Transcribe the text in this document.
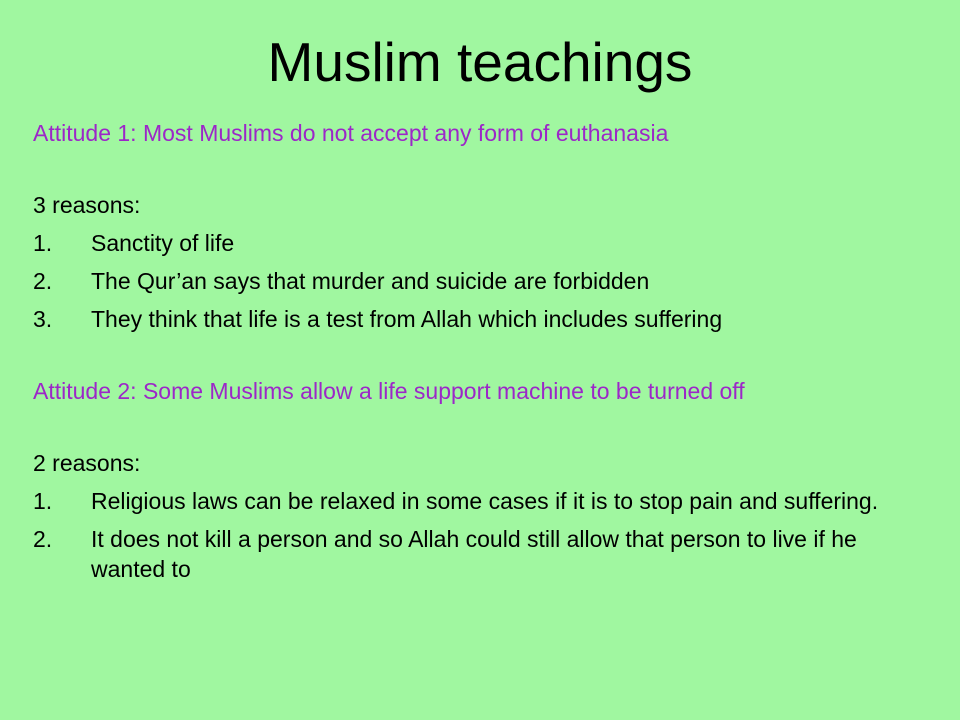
Muslim teachings
Attitude 1: Most Muslims do not accept any form of euthanasia
3 reasons:
1. Sanctity of life
2. The Qur’an says that murder and suicide are forbidden
3. They think that life is a test from Allah which includes suffering
Attitude 2: Some Muslims allow a life support machine to be turned off
2 reasons:
1. Religious laws can be relaxed in some cases if it is to stop pain and suffering.
2. It does not kill a person and so Allah could still allow that person to live if he wanted to
